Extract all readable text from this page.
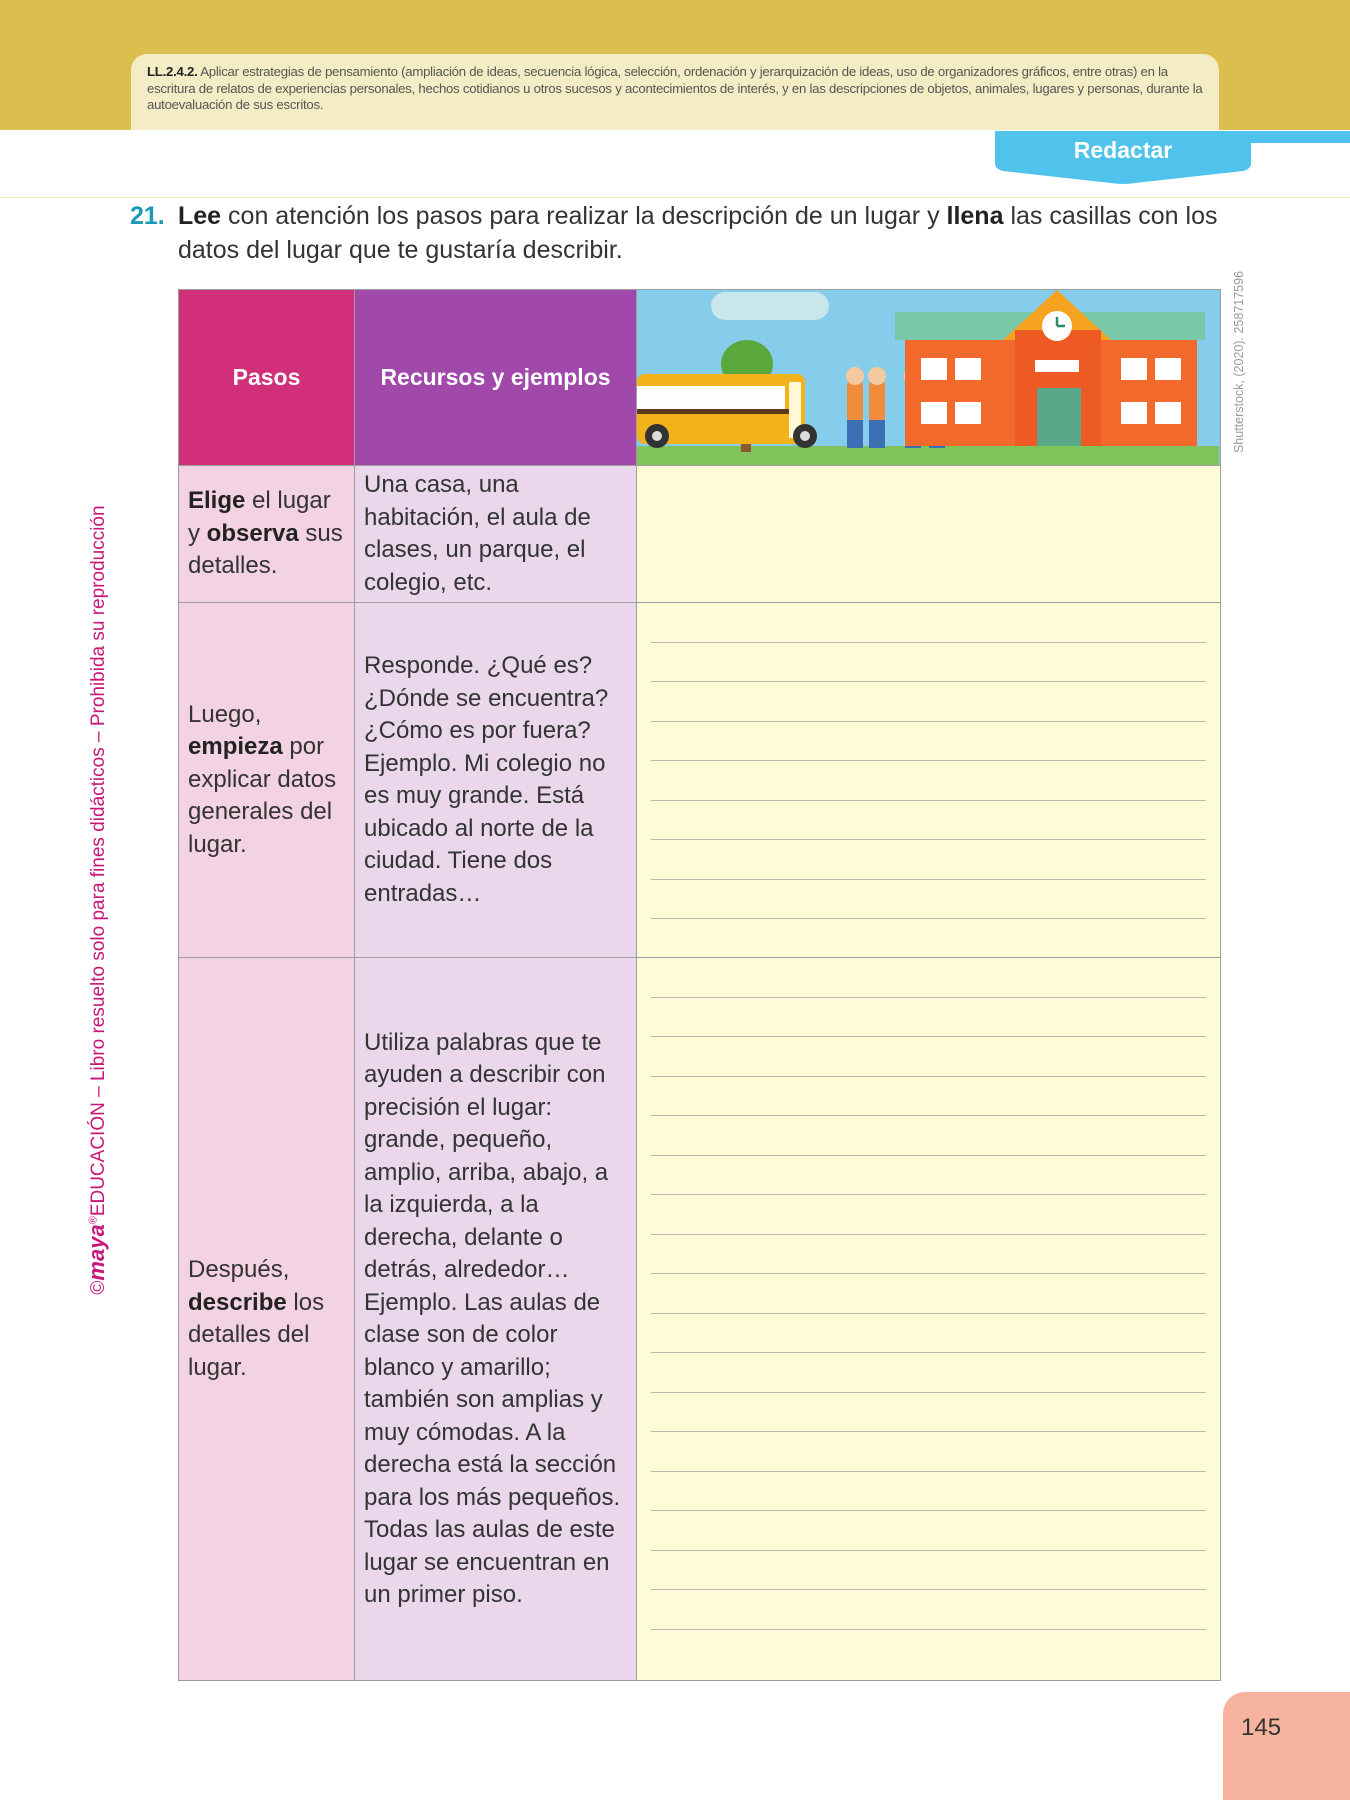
LL.2.4.2. Aplicar estrategias de pensamiento (ampliación de ideas, secuencia lógica, selección, ordenación y jerarquización de ideas, uso de organizadores gráficos, entre otras) en la escritura de relatos de experiencias personales, hechos cotidianos u otros sucesos y acontecimientos de interés, y en las descripciones de objetos, animales, lugares y personas, durante la autoevaluación de sus escritos.
Redactar
21. Lee con atención los pasos para realizar la descripción de un lugar y llena las casillas con los datos del lugar que te gustaría describir.
Shutterstock, (2020). 258717596
©maya®EDUCACIÓN – Libro resuelto solo para fines didácticos – Prohibida su reproducción
Pasos	Recursos y ejemplos	

Elige el lugar y observa sus detalles.	Una casa, una habitación, el aula de clases, un parque, el colegio, etc.	
Luego, empieza por explicar datos generales del lugar.	Responde. ¿Qué es? ¿Dónde se encuentra? ¿Cómo es por fuera? Ejemplo. Mi colegio no es muy grande. Está ubicado al norte de la ciudad. Tiene dos entradas…	

Después, describe los detalles del lugar.	Utiliza palabras que te ayuden a describir con precisión el lugar: grande, pequeño, amplio, arriba, abajo, a la izquierda, a la derecha, delante o detrás, alrededor… Ejemplo. Las aulas de clase son de color blanco y amarillo; también son amplias y muy cómodas. A la derecha está la sección para los más pequeños. Todas las aulas de este lugar se encuentran en un primer piso.	
145
